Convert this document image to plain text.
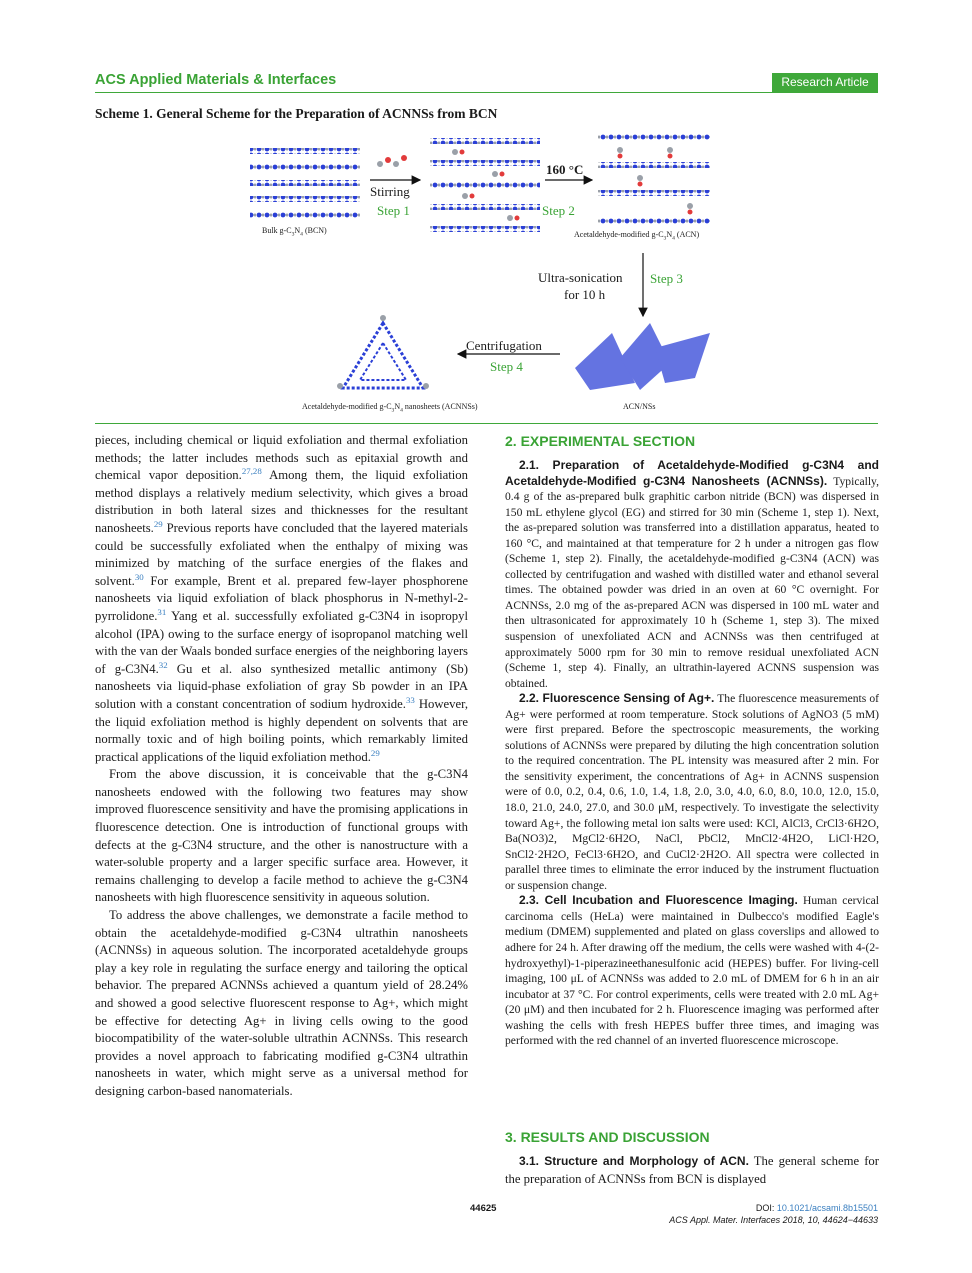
ACS Applied Materials & Interfaces	Research Article
Scheme 1. General Scheme for the Preparation of ACNNSs from BCN
Stirring
Step 1
160 °C
Step 2
Bulk $g-C_3N_4$ (BCN)	Acetaldehyde-modified $g-C_3N_4$ (ACN)
Ultra-sonication
for 10 h
Step 3
Centrifugation
Step 4
Acetaldehyde-modified $g-C_3N_4$ nanosheets (ACNNSs)	ACN/NSs

pieces, including chemical or liquid exfoliation and thermal exfoliation methods; the latter includes methods such as epitaxial growth and chemical vapor deposition.$^{27,28}$ Among them, the liquid exfoliation method displays a relatively medium selectivity, which gives a broad distribution in both lateral sizes and thicknesses for the resultant nanosheets.$^{29}$ Previous reports have concluded that the layered materials could be successfully exfoliated when the enthalpy of mixing was minimized by matching of the surface energies of the flakes and solvent.$^{30}$ For example, Brent et al. prepared few-layer phosphorene nanosheets via liquid exfoliation of black phosphorus in N-methyl-2-pyrrolidone.$^{31}$ Yang et al. successfully exfoliated g-C3N4 in isopropyl alcohol (IPA) owing to the surface energy of isopropanol matching well with the van der Waals bonded surface energies of the neighboring layers of g-C3N4.32 Gu et al. also synthesized metallic antimony (Sb) nanosheets via liquid-phase exfoliation of gray Sb powder in an IPA solution with a constant concentration of sodium hydroxide.$^{33}$ However, the liquid exfoliation method is highly dependent on solvents that are normally toxic and of high boiling points, which remarkably limited practical applications of the liquid exfoliation method.$^{29}$

From the above discussion, it is conceivable that the g-C3N4 nanosheets endowed with the following two features may show improved fluorescence sensitivity and have the promising applications in fluorescence detection. One is introduction of functional groups with defects at the g-C3N4 structure, and the other is nanostructure with a water-soluble property and a larger specific surface area. However, it remains challenging to develop a facile method to achieve the g-C3N4 nanosheets with high fluorescence sensitivity in aqueous solution.

To address the above challenges, we demonstrate a facile method to obtain the acetaldehyde-modified g-C3N4 ultrathin nanosheets (ACNNSs) in aqueous solution. The incorporated acetaldehyde groups play a key role in regulating the surface energy and tailoring the optical behavior. The prepared ACNNSs achieved a quantum yield of 28.24% and showed a good selective fluorescent response to Ag+, which might be effective for detecting Ag+ in living cells owing to the good biocompatibility of the water-soluble ultrathin ACNNSs. This research provides a novel approach to fabricating modified g-C3N4 ultrathin nanosheets in water, which might serve as a universal method for designing carbon-based nanomaterials.

2. EXPERIMENTAL SECTION

2.1. Preparation of Acetaldehyde-Modified g-C3N4 and Acetaldehyde-Modified g-C3N4 Nanosheets (ACNNSs). Typically, 0.4 g of the as-prepared bulk graphitic carbon nitride (BCN) was dispersed in 150 mL ethylene glycol (EG) and stirred for 30 min (Scheme 1, step 1). Next, the as-prepared solution was transferred into a distillation apparatus, heated to 160 °C, and maintained at that temperature for 2 h under a nitrogen gas flow (Scheme 1, step 2). Finally, the acetaldehyde-modified g-C3N4 (ACN) was collected by centrifugation and washed with distilled water and ethanol several times. The obtained powder was dried in an oven at 60 °C overnight. For ACNNSs, 2.0 mg of the as-prepared ACN was dispersed in 100 mL water and then ultrasonicated for approximately 10 h (Scheme 1, step 3). The mixed suspension of unexfoliated ACN and ACNNSs was then centrifuged at approximately 5000 rpm for 30 min to remove residual unexfoliated ACN (Scheme 1, step 4). Finally, an ultrathin-layered ACNNS suspension was obtained.

2.2. Fluorescence Sensing of Ag+. The fluorescence measurements of Ag+ were performed at room temperature. Stock solutions of AgNO3 (5 mM) were first prepared. Before the spectroscopic measurements, the working solutions of ACNNSs were prepared by diluting the high concentration solution to the required concentration. The PL intensity was measured after 2 min. For the sensitivity experiment, the concentrations of Ag+ in ACNNS suspension were of 0.0, 0.2, 0.4, 0.6, 1.0, 1.4, 1.8, 2.0, 3.0, 4.0, 6.0, 8.0, 10.0, 12.0, 15.0, 18.0, 21.0, 24.0, 27.0, and 30.0 μM, respectively. To investigate the selectivity toward Ag+, the following metal ion salts were used: KCl, AlCl3, CrCl3·6H2O, Ba(NO3)2, MgCl2·6H2O, NaCl, PbCl2, MnCl2·4H2O, LiCl·H2O, SnCl2·2H2O, FeCl3·6H2O, and CuCl2·2H2O. All spectra were collected in parallel three times to eliminate the error induced by the instrument fluctuation or suspension change.

2.3. Cell Incubation and Fluorescence Imaging. Human cervical carcinoma cells (HeLa) were maintained in Dulbecco's modified Eagle's medium (DMEM) supplemented and plated on glass coverslips and allowed to adhere for 24 h. After drawing off the medium, the cells were washed with 4-(2-hydroxyethyl)-1-piperazineethanesulfonic acid (HEPES) buffer. For living-cell imaging, 100 μL of ACNNSs was added to 2.0 mL of DMEM for 6 h in an air incubator at 37 °C. For control experiments, cells were treated with 2.0 mL Ag+ (20 μM) and then incubated for 2 h. Fluorescence imaging was performed after washing the cells with fresh HEPES buffer three times, and imaging was performed with the red channel of an inverted fluorescence microscope.

3. RESULTS AND DISCUSSION

3.1. Structure and Morphology of ACN. The general scheme for the preparation of ACNNSs from BCN is displayed

44625	DOI: 10.1021/acsami.8b15501
ACS Appl. Mater. Interfaces 2018, 10, 44624−44633
